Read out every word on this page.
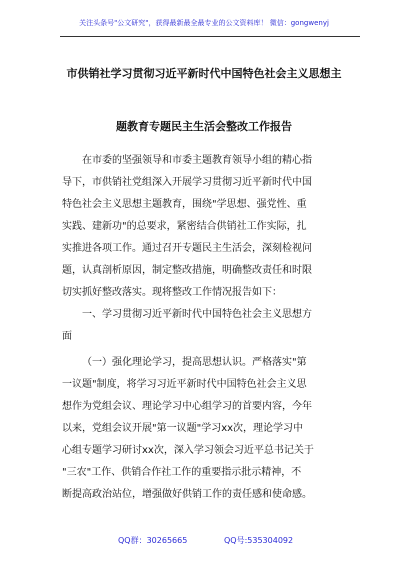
关注头条号"公文研究"，获得最新最全最专业的公文资料库！ 微信：gongwenyj
市供销社学习贯彻习近平新时代中国特色社会主义思想主
题教育专题民主生活会整改工作报告
在市委的坚强领导和市委主题教育领导小组的精心指
导下，市供销社党组深入开展学习贯彻习近平新时代中国
特色社会主义思想主题教育，围绕"学思想、强党性、重
实践、建新功"的总要求，紧密结合供销社工作实际，扎
实推进各项工作。通过召开专题民主生活会，深刻检视问
题，认真剖析原因，制定整改措施，明确整改责任和时限
切实抓好整改落实。现将整改工作情况报告如下：
一、学习贯彻习近平新时代中国特色社会主义思想方
面
（一）强化理论学习，提高思想认识。严格落实"第
一议题"制度，将学习习近平新时代中国特色社会主义思
想作为党组会议、理论学习中心组学习的首要内容，今年
以来，党组会议开展"第一议题"学习xx次，理论学习中
心组专题学习研讨xx次，深入学习领会习近平总书记关于
"三农"工作、供销合作社工作的重要指示批示精神，不
断提高政治站位，增强做好供销工作的责任感和使命感。
QQ群：30265665	QQ号:535304092
